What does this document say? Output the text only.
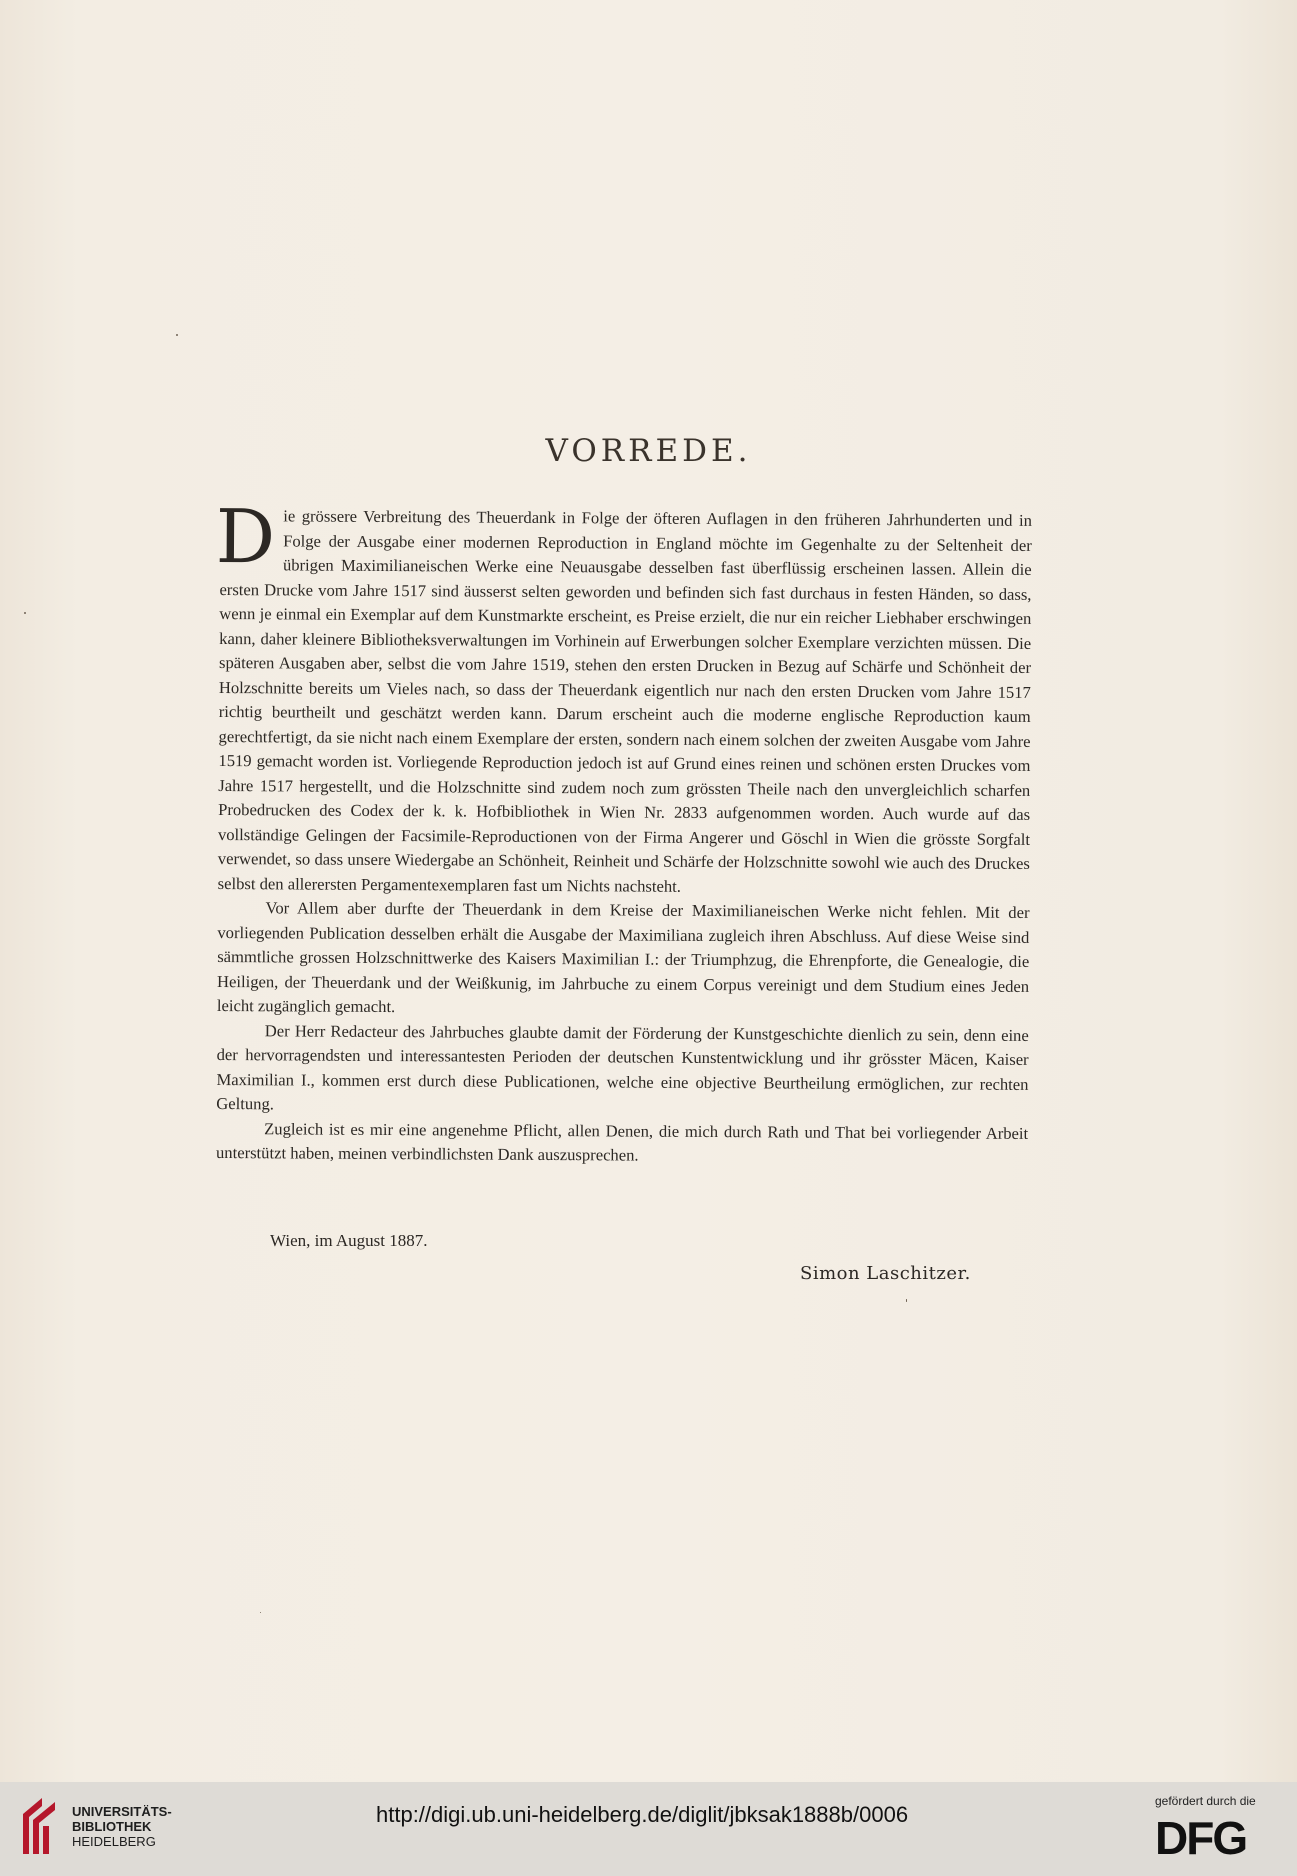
VORREDE.

Die grössere Verbreitung des Theuerdank in Folge der öfteren Auflagen in den früheren Jahrhunderten und in Folge der Ausgabe einer modernen Reproduction in England möchte im Gegenhalte zu der Seltenheit der übrigen Maximilianeischen Werke eine Neuausgabe desselben fast überflüssig erscheinen lassen. Allein die ersten Drucke vom Jahre 1517 sind äusserst selten geworden und befinden sich fast durchaus in festen Händen, so dass, wenn je einmal ein Exemplar auf dem Kunstmarkte erscheint, es Preise erzielt, die nur ein reicher Liebhaber erschwingen kann, daher kleinere Bibliotheksverwaltungen im Vorhinein auf Erwerbungen solcher Exemplare verzichten müssen. Die späteren Ausgaben aber, selbst die vom Jahre 1519, stehen den ersten Drucken in Bezug auf Schärfe und Schönheit der Holzschnitte bereits um Vieles nach, so dass der Theuerdank eigentlich nur nach den ersten Drucken vom Jahre 1517 richtig beurtheilt und geschätzt werden kann. Darum erscheint auch die moderne englische Reproduction kaum gerechtfertigt, da sie nicht nach einem Exemplare der ersten, sondern nach einem solchen der zweiten Ausgabe vom Jahre 1519 gemacht worden ist. Vorliegende Reproduction jedoch ist auf Grund eines reinen und schönen ersten Druckes vom Jahre 1517 hergestellt, und die Holzschnitte sind zudem noch zum grössten Theile nach den unvergleichlich scharfen Probedrucken des Codex der k. k. Hofbibliothek in Wien Nr. 2833 aufgenommen worden. Auch wurde auf das vollständige Gelingen der Facsimile-Reproductionen von der Firma Angerer und Göschl in Wien die grösste Sorgfalt verwendet, so dass unsere Wiedergabe an Schönheit, Reinheit und Schärfe der Holzschnitte sowohl wie auch des Druckes selbst den allerersten Pergamentexemplaren fast um Nichts nachsteht.

Vor Allem aber durfte der Theuerdank in dem Kreise der Maximilianeischen Werke nicht fehlen. Mit der vorliegenden Publication desselben erhält die Ausgabe der Maximiliana zugleich ihren Abschluss. Auf diese Weise sind sämmtliche grossen Holzschnittwerke des Kaisers Maximilian I.: der Triumphzug, die Ehrenpforte, die Genealogie, die Heiligen, der Theuerdank und der Weißkunig, im Jahrbuche zu einem Corpus vereinigt und dem Studium eines Jeden leicht zugänglich gemacht.

Der Herr Redacteur des Jahrbuches glaubte damit der Förderung der Kunstgeschichte dienlich zu sein, denn eine der hervorragendsten und interessantesten Perioden der deutschen Kunstentwicklung und ihr grösster Mäcen, Kaiser Maximilian I., kommen erst durch diese Publicationen, welche eine objective Beurtheilung ermöglichen, zur rechten Geltung.

Zugleich ist es mir eine angenehme Pflicht, allen Denen, die mich durch Rath und That bei vorliegender Arbeit unterstützt haben, meinen verbindlichsten Dank auszusprechen.

Wien, im August 1887.
Simon Laschitzer.
UNIVERSITÄTS-
BIBLIOTHEK
HEIDELBERG
http://digi.ub.uni-heidelberg.de/diglit/jbksak1888b/0006
gefördert durch die
DFG
